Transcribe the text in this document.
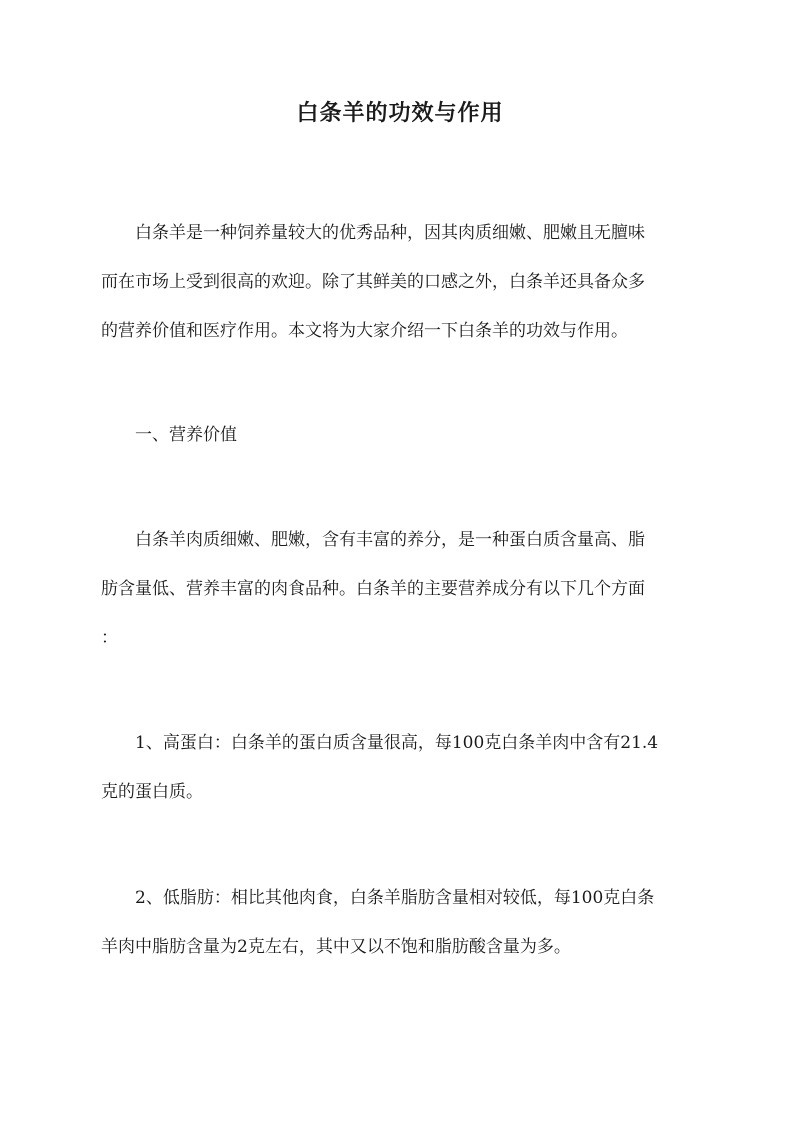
白条羊的功效与作用

白条羊是一种饲养量较大的优秀品种，因其肉质细嫩、肥嫩且无膻味
而在市场上受到很高的欢迎。除了其鲜美的口感之外，白条羊还具备众多
的营养价值和医疗作用。本文将为大家介绍一下白条羊的功效与作用。

一、营养价值

白条羊肉质细嫩、肥嫩，含有丰富的养分，是一种蛋白质含量高、脂
肪含量低、营养丰富的肉食品种。白条羊的主要营养成分有以下几个方面
：

1、高蛋白：白条羊的蛋白质含量很高，每100克白条羊肉中含有21.4
克的蛋白质。

2、低脂肪：相比其他肉食，白条羊脂肪含量相对较低，每100克白条
羊肉中脂肪含量为2克左右，其中又以不饱和脂肪酸含量为多。
